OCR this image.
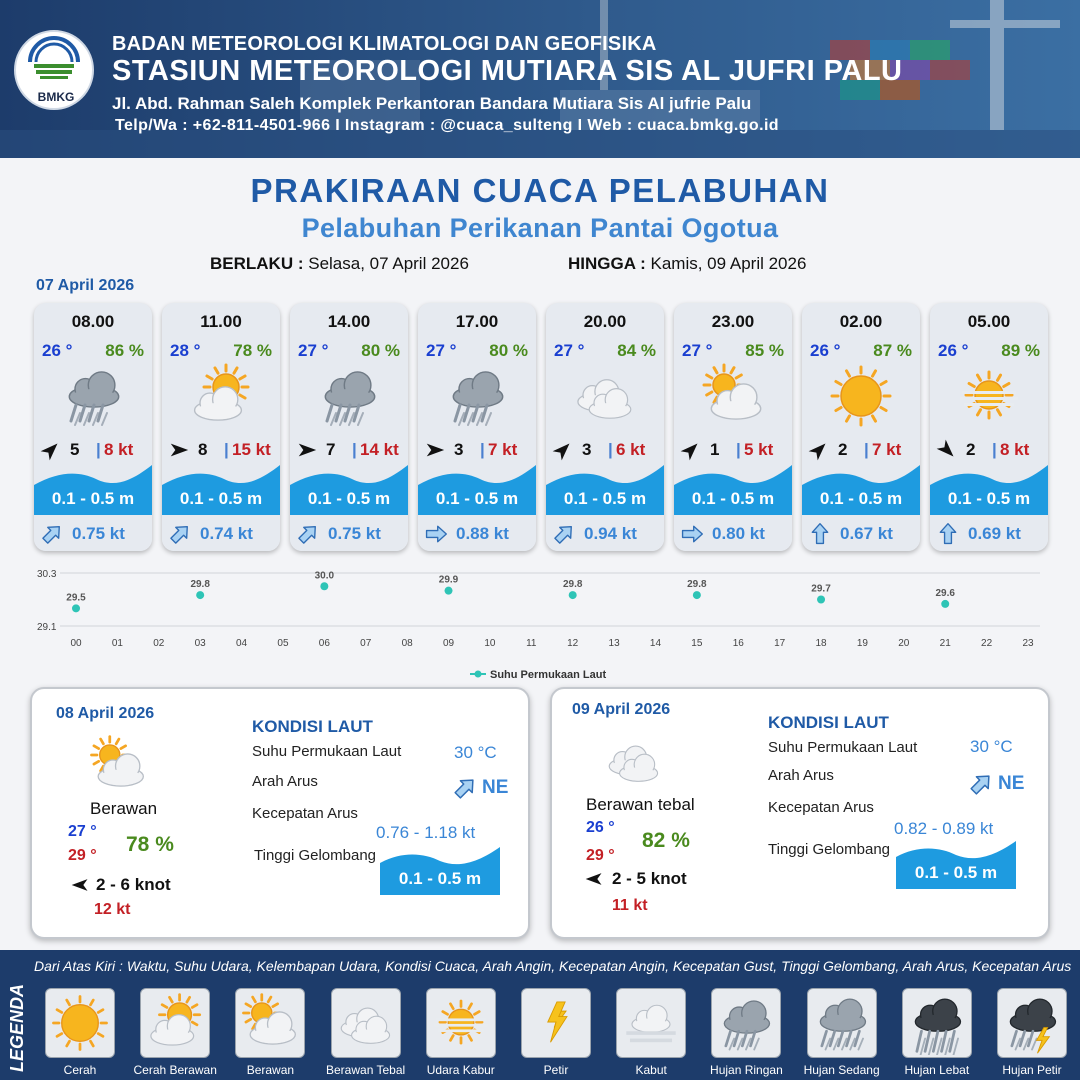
BMKG
BADAN METEOROLOGI KLIMATOLOGI DAN GEOFISIKA
STASIUN METEOROLOGI MUTIARA SIS AL JUFRI PALU
Jl. Abd. Rahman Saleh Komplek Perkantoran Bandara Mutiara Sis Al jufrie Palu
Telp/Wa : +62-811-4501-966 I Instagram : @cuaca_sulteng I Web : cuaca.bmkg.go.id
PRAKIRAAN CUACA PELABUHAN
Pelabuhan Perikanan Pantai Ogotua
BERLAKU : Selasa, 07 April 2026	HINGGA : Kamis, 09 April 2026
07 April 2026
08.00
26 ° 86 %
5 | 8 kt
0.1 - 0.5 m
0.75 kt
11.00
28 ° 78 %
8 | 15 kt
0.1 - 0.5 m
0.74 kt
14.00
27 ° 80 %
7 | 14 kt
0.1 - 0.5 m
0.75 kt
17.00
27 ° 80 %
3 | 7 kt
0.1 - 0.5 m
0.88 kt
20.00
27 ° 84 %
3 | 6 kt
0.1 - 0.5 m
0.94 kt
23.00
27 ° 85 %
1 | 5 kt
0.1 - 0.5 m
0.80 kt
02.00
26 ° 87 %
2 | 7 kt
0.1 - 0.5 m
0.67 kt
05.00
26 ° 89 %
2 | 8 kt
0.1 - 0.5 m
0.69 kt
30.3
29.1
00	01	02	03	04	05	06	07	08	09	10	11	12	13	14	15	16	17	18	19	20	21	22	23
29.5
29.8
30.0	29.9	29.8	29.8	29.7	29.6
Suhu Permukaan Laut
08 April 2026
Berawan
27 °
29 ° 78 %
2 - 6 knot
12 kt
KONDISI LAUT
Suhu Permukaan Laut	30 °C
Arah Arus	NE
Kecepatan Arus
0.76 - 1.18 kt
Tinggi Gelombang
0.1 - 0.5 m
09 April 2026
Berawan tebal
26 °
29 °
82 %
2 - 5 knot
11 kt
KONDISI LAUT
Suhu Permukaan Laut	30 °C
Arah Arus	NE
Kecepatan Arus
0.82 - 0.89 kt
Tinggi Gelombang
0.1 - 0.5 m
LEGENDA
Dari Atas Kiri : Waktu, Suhu Udara, Kelembapan Udara, Kondisi Cuaca, Arah Angin, Kecepatan Angin, Kecepatan Gust, Tinggi Gelombang, Arah Arus, Kecepatan Arus
Cerah	Cerah Berawan	Berawan	Berawan Tebal	Udara Kabur	Petir	Kabut	Hujan Ringan	Hujan Sedang	Hujan Lebat	Hujan Petir
